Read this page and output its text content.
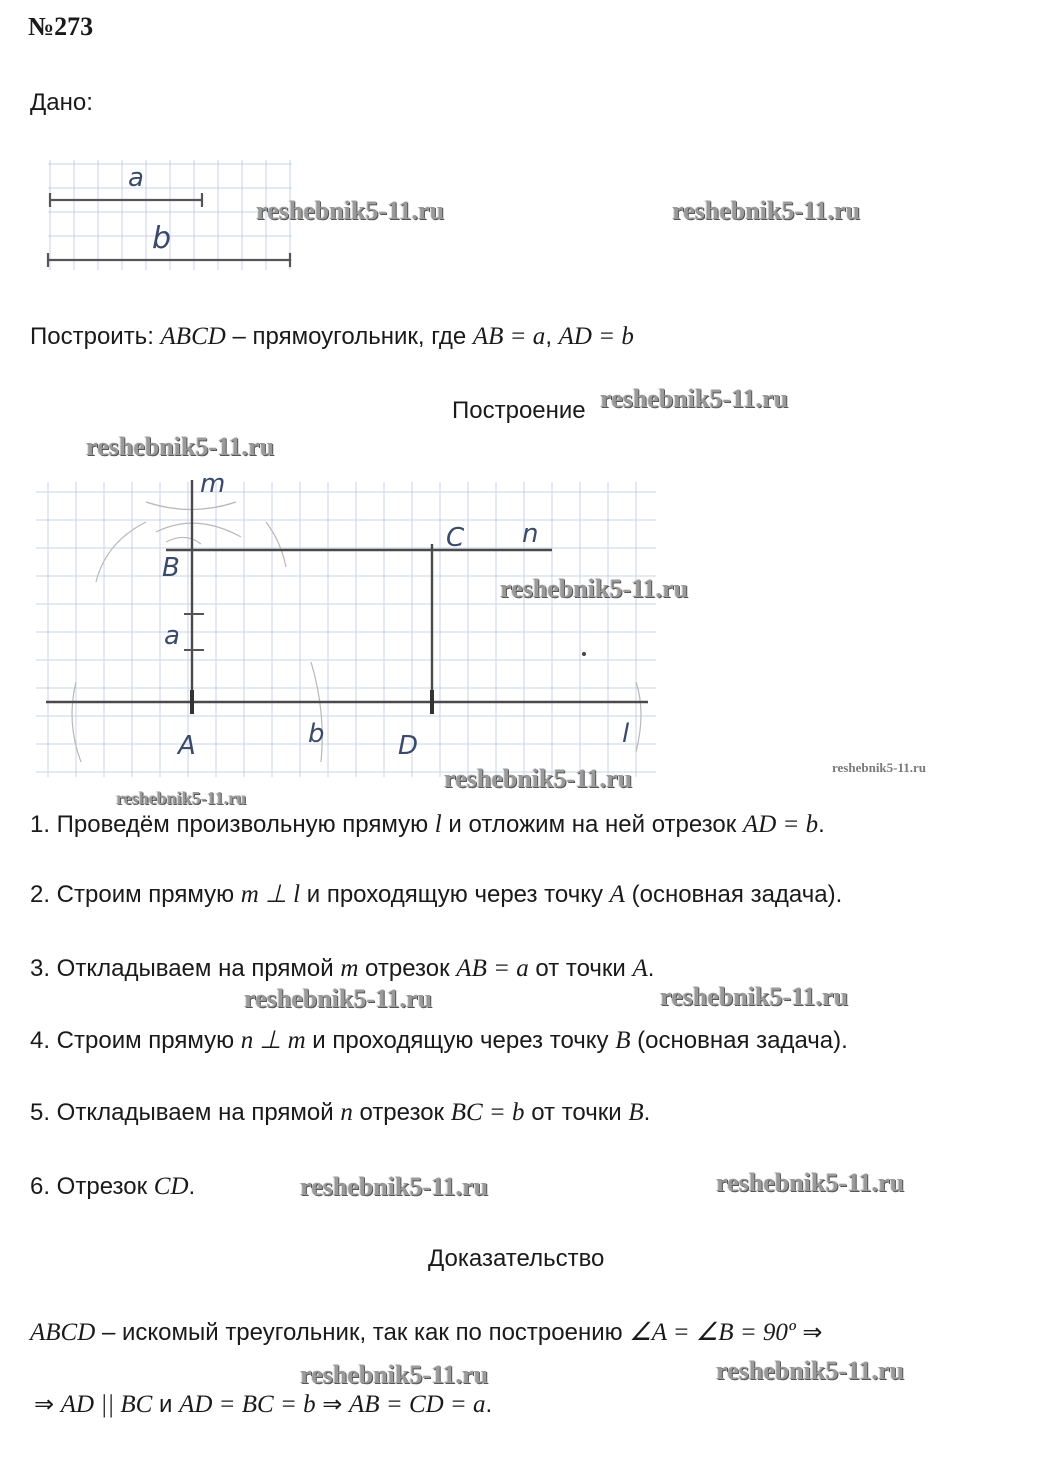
№273
Дано:
a
b
reshebnik5-11.ru	reshebnik5-11.ru
Построить: ABCD – прямоугольник, где AB = a, AD = b
Построение reshebnik5-11.ru
reshebnik5-11.ru
m
B
C n
a
A	b	D	l
reshebnik5-11.ru
reshebnik5-11.ru	reshebnik5-11.ru
reshebnik5-11.ru
1. Проведём произвольную прямую l и отложим на ней отрезок AD = b.
2. Строим прямую m ⊥ l и проходящую через точку A (основная задача).
3. Откладываем на прямой m отрезок AB = a от точки A.
reshebnik5-11.ru	reshebnik5-11.ru
4. Строим прямую n ⊥ m и проходящую через точку B (основная задача).
5. Откладываем на прямой n отрезок BC = b от точки B.
6. Отрезок CD.	reshebnik5-11.ru	reshebnik5-11.ru
Доказательство
ABCD – искомый треугольник, так как по построению ∠A = ∠B = 90º ⇒
reshebnik5-11.ru	reshebnik5-11.ru
⇒ AD || BC и AD = BC = b ⇒ AB = CD = a.
